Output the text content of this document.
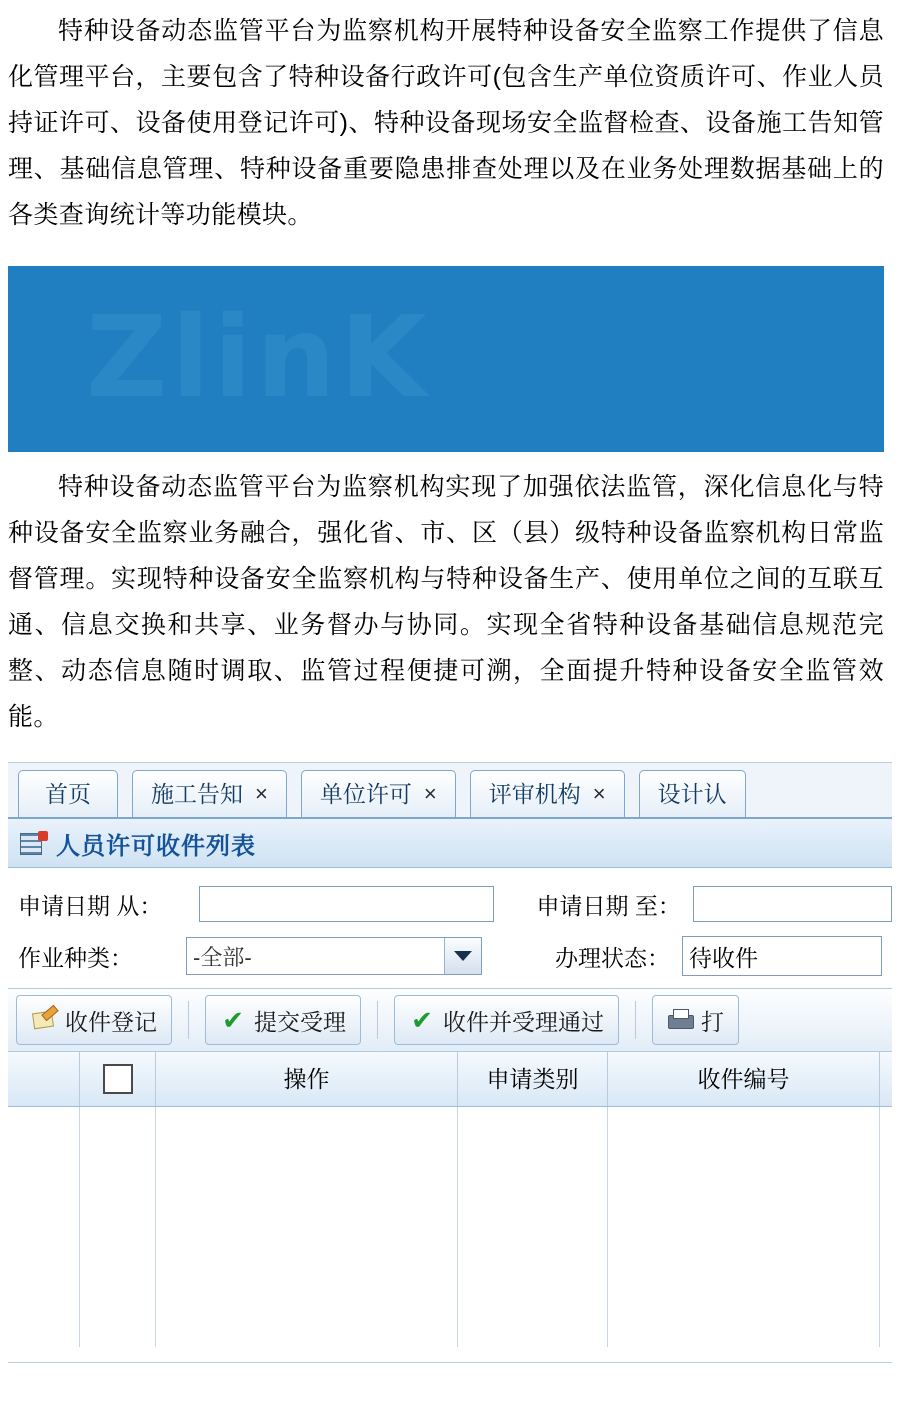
特种设备动态监管平台为监察机构开展特种设备安全监察工作提供了信息化管理平台，主要包含了特种设备行政许可(包含生产单位资质许可、作业人员持证许可、设备使用登记许可)、特种设备现场安全监督检查、设备施工告知管理、基础信息管理、特种设备重要隐患排查处理以及在业务处理数据基础上的各类查询统计等功能模块。

ZlinK

特种设备动态监管平台为监察机构实现了加强依法监管，深化信息化与特种设备安全监察业务融合，强化省、市、区（县）级特种设备监察机构日常监督管理。实现特种设备安全监察机构与特种设备生产、使用单位之间的互联互通、信息交换和共享、业务督办与协同。实现全省特种设备基础信息规范完整、动态信息随时调取、监管过程便捷可溯，全面提升特种设备安全监管效能。

首页	施工告知 × 单位许可 × 评审机构 × 设计认
人员许可收件列表
申请日期 从：	申请日期 至：
作业种类：	-全部-	办理状态： 待收件
收件登记	✔ 提交受理	✔ 收件并受理通过	打
操作	申请类别	收件编号
